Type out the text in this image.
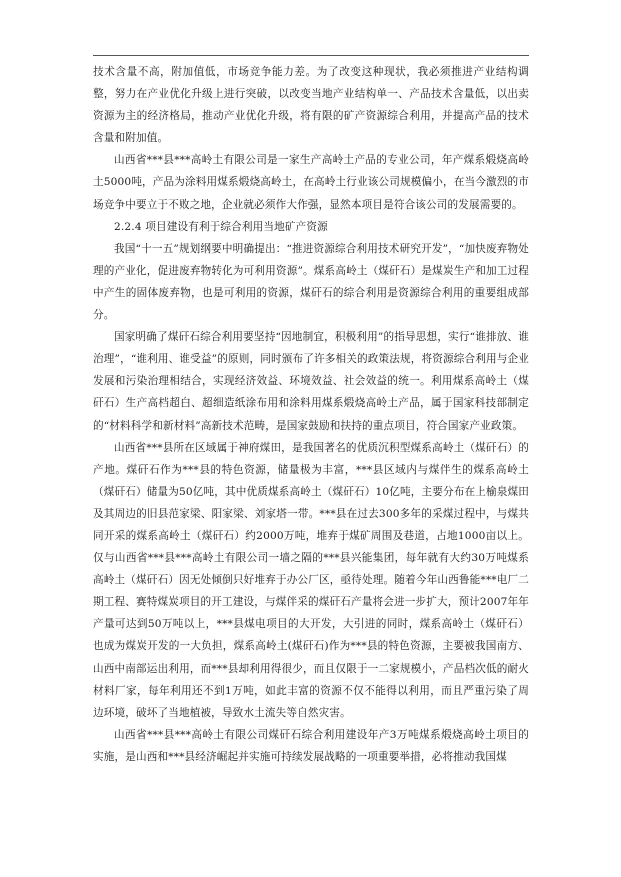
技术含量不高，附加值低，市场竞争能力差。为了改变这种现状，我必须推进产业结构调整，努力在产业优化升级上进行突破，以改变当地产业结构单一、产品技术含量低，以出卖资源为主的经济格局，推动产业优化升级，将有限的矿产资源综合利用，并提高产品的技术含量和附加值。

山西省***县***高岭土有限公司是一家生产高岭土产品的专业公司，年产煤系煅烧高岭土5000吨，产品为涂料用煤系煅烧高岭土，在高岭土行业该公司规模偏小，在当今激烈的市场竞争中要立于不败之地，企业就必须作大作强，显然本项目是符合该公司的发展需要的。

2.2.4 项目建设有利于综合利用当地矿产资源

我国“十一五”规划纲要中明确提出：“推进资源综合利用技术研究开发”，“加快废弃物处理的产业化，促进废弃物转化为可利用资源”。煤系高岭土（煤矸石）是煤炭生产和加工过程中产生的固体废弃物，也是可利用的资源，煤矸石的综合利用是资源综合利用的重要组成部分。

国家明确了煤矸石综合利用要坚持“因地制宜，积极利用”的指导思想，实行“谁排放、谁治理”，“谁利用、谁受益”的原则，同时颁布了许多相关的政策法规，将资源综合利用与企业发展和污染治理相结合，实现经济效益、环境效益、社会效益的统一。利用煤系高岭土（煤矸石）生产高档超白、超细造纸涂布用和涂料用煤系煅烧高岭土产品，属于国家科技部制定的“材料科学和新材料”高新技术范畴，是国家鼓励和扶持的重点项目，符合国家产业政策。

山西省***县所在区域属于神府煤田，是我国著名的优质沉积型煤系高岭土（煤矸石）的产地。煤矸石作为***县的特色资源，储量极为丰富，***县区域内与煤伴生的煤系高岭土（煤矸石）储量为50亿吨，其中优质煤系高岭土（煤矸石）10亿吨，主要分布在上榆泉煤田及其周边的旧县范家梁、阳家梁、刘家塔一带。***县在过去300多年的采煤过程中，与煤共同开采的煤系高岭土（煤矸石）约2000万吨，堆弃于煤矿周围及巷道，占地1000亩以上。仅与山西省***县***高岭土有限公司一墙之隔的***县兴能集团，每年就有大约30万吨煤系高岭土（煤矸石）因无处倾倒只好堆弃于办公厂区，亟待处理。随着今年山西鲁能***电厂二期工程、赛特煤炭项目的开工建设，与煤伴采的煤矸石产量将会进一步扩大，预计2007年年产量可达到50万吨以上，***县煤电项目的大开发，大引进的同时，煤系高岭土（煤矸石）也成为煤炭开发的一大负担，煤系高岭土(煤矸石)作为***县的特色资源，主要被我国南方、山西中南部运出利用，而***县却利用得很少，而且仅限于一二家规模小，产品档次低的耐火材料厂家，每年利用还不到1万吨，如此丰富的资源不仅不能得以利用，而且严重污染了周边环境，破坏了当地植被，导致水土流失等自然灾害。

山西省***县***高岭土有限公司煤矸石综合利用建设年产3万吨煤系煅烧高岭土项目的实施，是山西和***县经济崛起并实施可持续发展战略的一项重要举措，必将推动我国煤
